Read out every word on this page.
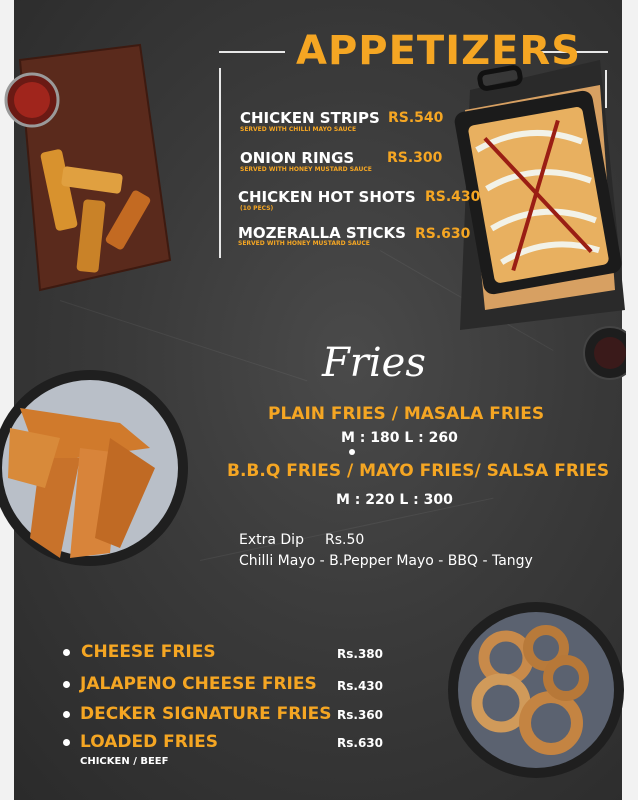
APPETIZERS
CHICKEN STRIPS RS.540
SERVED WITH CHILLI MAYO SAUCE
ONION RINGS RS.300
SERVED WITH HONEY MUSTARD SAUCE
CHICKEN HOT SHOTS RS.430
(10 PECS)
MOZERALLA STICKS RS.630
SERVED WITH HONEY MUSTARD SAUCE
Fries
PLAIN FRIES / MASALA FRIES
M : 180 L : 260
B.B.Q FRIES / MAYO FRIES/ SALSA FRIES
M : 220 L : 300
Extra Dip Rs.50
Chilli Mayo - B.Pepper Mayo - BBQ - Tangy
CHEESE FRIES	Rs.380
JALAPENO CHEESE FRIES Rs.430
DECKER SIGNATURE FRIES Rs.360
LOADED FRIES	Rs.630
CHICKEN / BEEF
